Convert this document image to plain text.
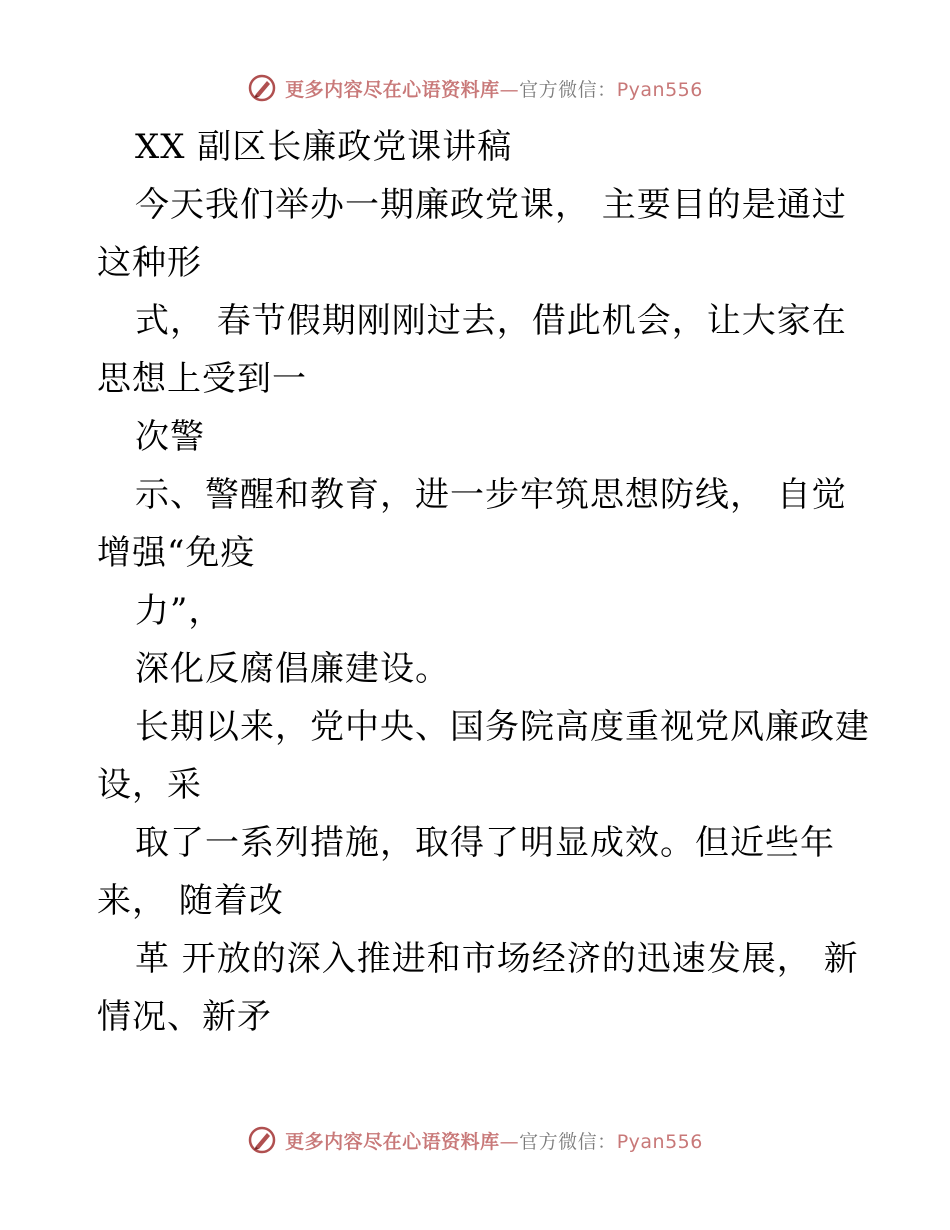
更多内容尽在心语资料库—官方微信：Pyan556
XX 副区长廉政党课讲稿
今天我们举办一期廉政党课， 主要目的是通过
这种形
式， 春节假期刚刚过去，借此机会，让大家在
思想上受到一
次警
示、警醒和教育，进一步牢筑思想防线， 自觉
增强“免疫
力”，
深化反腐倡廉建设。
长期以来，党中央、国务院高度重视党风廉政建
设，采
取了一系列措施，取得了明显成效。但近些年
来， 随着改
革 开放的深入推进和市场经济的迅速发展， 新
情况、新矛
更多内容尽在心语资料库—官方微信：Pyan556
